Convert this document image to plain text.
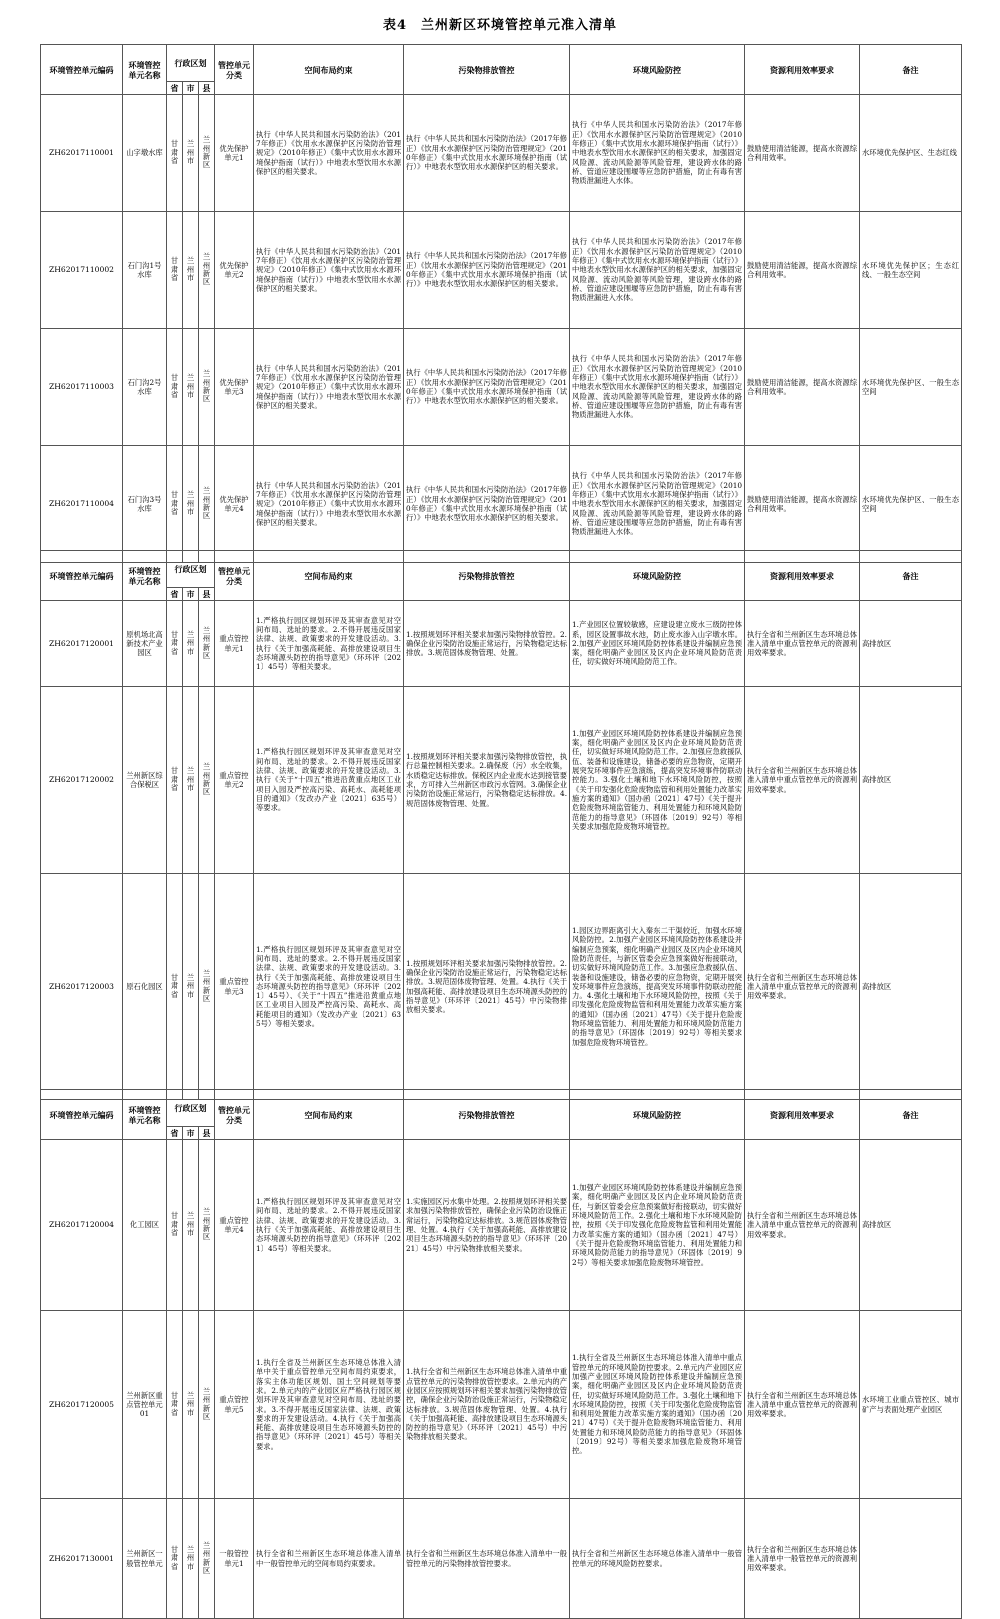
表4　兰州新区环境管控单元准入清单
环境管控单元编码	环境管控单元名称	行政区划			管控单元分类	空间布局约束	污染物排放管控	环境风险防控	资源利用效率要求	备注
		省	市	县						
ZH62017110001	山字墩水库	甘肃省	兰州市	兰州新区	优先保护单元1	执行《中华人民共和国水污染防治法》（2017年修正）《饮用水水源保护区污染防治管理规定》（2010年修正）《集中式饮用水水源环境保护指南（试行）》中地表水型饮用水水源保护区的相关要求。	执行《中华人民共和国水污染防治法》（2017年修正）《饮用水水源保护区污染防治管理规定》（2010年修正）《集中式饮用水水源环境保护指南（试行）》中地表水型饮用水水源保护区的相关要求。	执行《中华人民共和国水污染防治法》（2017年修正）《饮用水水源保护区污染防治管理规定》（2010年修正）《集中式饮用水水源环境保护指南（试行）》中地表水型饮用水水源保护区的相关要求，加强固定风险源、流动风险源等风险管理，建设跨水体的路桥、管道应建设围堰等应急防护措施，防止有毒有害物质泄漏进入水体。	鼓励使用清洁能源，提高水资源综合利用效率。	水环境优先保护区、生态红线
ZH62017110002	石门沟1号水库	甘肃省	兰州市	兰州新区	优先保护单元2	执行《中华人民共和国水污染防治法》（2017年修正）《饮用水水源保护区污染防治管理规定》（2010年修正）《集中式饮用水水源环境保护指南（试行）》中地表水型饮用水水源保护区的相关要求。	执行《中华人民共和国水污染防治法》（2017年修正）《饮用水水源保护区污染防治管理规定》（2010年修正）《集中式饮用水水源环境保护指南（试行）》中地表水型饮用水水源保护区的相关要求。	执行《中华人民共和国水污染防治法》（2017年修正）《饮用水水源保护区污染防治管理规定》（2010年修正）《集中式饮用水水源环境保护指南（试行）》中地表水型饮用水水源保护区的相关要求，加强固定风险源、流动风险源等风险管理，建设跨水体的路桥、管道应建设围堰等应急防护措施，防止有毒有害物质泄漏进入水体。	鼓励使用清洁能源，提高水资源综合利用效率。	水环境优先保护区；生态红线、一般生态空间
ZH62017110003	石门沟2号水库	甘肃省	兰州市	兰州新区	优先保护单元3	执行《中华人民共和国水污染防治法》（2017年修正）《饮用水水源保护区污染防治管理规定》（2010年修正）《集中式饮用水水源环境保护指南（试行）》中地表水型饮用水水源保护区的相关要求。	执行《中华人民共和国水污染防治法》（2017年修正）《饮用水水源保护区污染防治管理规定》（2010年修正）《集中式饮用水水源环境保护指南（试行）》中地表水型饮用水水源保护区的相关要求。	执行《中华人民共和国水污染防治法》（2017年修正）《饮用水水源保护区污染防治管理规定》（2010年修正）《集中式饮用水水源环境保护指南（试行）》中地表水型饮用水水源保护区的相关要求，加强固定风险源、流动风险源等风险管理，建设跨水体的路桥、管道应建设围堰等应急防护措施，防止有毒有害物质泄漏进入水体。	鼓励使用清洁能源，提高水资源综合利用效率。	水环境优先保护区、一般生态空间
ZH62017110004	石门沟3号水库	甘肃省	兰州市	兰州新区	优先保护单元4	执行《中华人民共和国水污染防治法》（2017年修正）《饮用水水源保护区污染防治管理规定》（2010年修正）《集中式饮用水水源环境保护指南（试行）》中地表水型饮用水水源保护区的相关要求。	执行《中华人民共和国水污染防治法》（2017年修正）《饮用水水源保护区污染防治管理规定》（2010年修正）《集中式饮用水水源环境保护指南（试行）》中地表水型饮用水水源保护区的相关要求。	执行《中华人民共和国水污染防治法》（2017年修正）《饮用水水源保护区污染防治管理规定》（2010年修正）《集中式饮用水水源环境保护指南（试行）》中地表水型饮用水水源保护区的相关要求，加强固定风险源、流动风险源等风险管理，建设跨水体的路桥、管道应建设围堰等应急防护措施，防止有毒有害物质泄漏进入水体。	鼓励使用清洁能源，提高水资源综合利用效率。	水环境优先保护区、一般生态空间
环境管控单元编码	环境管控单元名称	行政区划			管控单元分类	空间布局约束	污染物排放管控	环境风险防控	资源利用效率要求	备注
		省	市	县						
ZH62017120001	原机场北高新技术产业园区	甘肃省	兰州市	兰州新区	重点管控单元1	1.严格执行园区规划环评及其审查意见对空间布局、选址的要求。2.不得开展违反国家法律、法规、政策要求的开发建设活动。3.执行《关于加强高耗能、高排放建设项目生态环境源头防控的指导意见》（环环评〔2021〕45号）等相关要求。	1.按照规划环评相关要求加强污染物排放管控。2.确保企业污染防治设施正常运行，污染物稳定达标排放。3.规范固体废物管理、处置。	1.产业园区位置较敏感，应建设建立废水三级防控体系，园区设置事故水池，防止废水渗入山字墩水库。2.加强产业园区环境风险防控体系建设并编制应急预案，细化明确产业园区及区内企业环境风险防范责任，切实做好环境风险防范工作。	执行全省和兰州新区生态环境总体准入清单中重点管控单元的资源利用效率要求。	高排放区
ZH62017120002	兰州新区综合保税区	甘肃省	兰州市	兰州新区	重点管控单元2	1.严格执行园区规划环评及其审查意见对空间布局、选址的要求。2.不得开展违反国家法律、法规、政策要求的开发建设活动。3.执行《关于“十四五”推进沿黄重点地区工业项目入园及严控高污染、高耗水、高耗能项目的通知》（发改办产业〔2021〕635号）等要求。	1.按照规划环评相关要求加强污染物排放管控，执行总量控制相关要求。2.确保废（污）水全收集，水质稳定达标排放。保税区内企业废水达到接管要求，方可排入兰州新区市政污水管网。3.确保企业污染防治设施正常运行，污染物稳定达标排放。4.规范固体废物管理、处置。	1.加强产业园区环境风险防控体系建设并编制应急预案，细化明确产业园区及区内企业环境风险防范责任，切实做好环境风险防范工作。2.加强应急救援队伍、装备和设施建设，储备必要的应急物资，定期开展突发环境事件应急演练，提高突发环境事件防联动控能力。3.强化土壤和地下水环境风险防控，按照《关于印发强化危险废物监管和利用处置能力改革实施方案的通知》（国办函〔2021〕47号）《关于提升危险废物环境监管能力、利用处置能力和环境风险防范能力的指导意见》（环固体〔2019〕92号）等相关要求加强危险废物环境管控。	执行全省和兰州新区生态环境总体准入清单中重点管控单元的资源利用效率要求。	高排放区
ZH62017120003	原石化园区	甘肃省	兰州市	兰州新区	重点管控单元3	1.严格执行园区规划环评及其审查意见对空间布局、选址的要求。2.不得开展违反国家法律、法规、政策要求的开发建设活动。3.执行《关于加强高耗能、高排放建设项目生态环境源头防控的指导意见》（环环评〔2021〕45号）、《关于“十四五”推进沿黄重点地区工业项目入园及严控高污染、高耗水、高耗能项目的通知》（发改办产业〔2021〕635号）等相关要求。	1.按照规划环评相关要求加强污染物排放管控。2.确保企业污染防治设施正常运行，污染物稳定达标排放。3.规范固体废物管理、处置。4.执行《关于加强高耗能、高排放建设项目生态环境源头防控的指导意见》（环环评〔2021〕45号）中污染物排放相关要求。	1.园区边界距离引大入秦东二干渠较近，加强水环境风险防控。2.加强产业园区环境风险防控体系建设并编制应急预案，细化明确产业园区及区内企业环境风险防范责任，与新区管委会应急预案做好衔接联动，切实做好环境风险防范工作。3.加强应急救援队伍、装备和设施建设，储备必要的应急物资，定期开展突发环境事件应急演练，提高突发环境事件防联动控能力。4.强化土壤和地下水环境风险防控，按照《关于印发强化危险废物监管和利用处置能力改革实施方案的通知》（国办函〔2021〕47号）《关于提升危险废物环境监管能力、利用处置能力和环境风险防范能力的指导意见》（环固体〔2019〕92号）等相关要求加强危险废物环境管控。	执行全省和兰州新区生态环境总体准入清单中重点管控单元的资源利用效率要求。	高排放区
环境管控单元编码	环境管控单元名称	行政区划			管控单元分类	空间布局约束	污染物排放管控	环境风险防控	资源利用效率要求	备注
		省	市	县						
ZH62017120004	化工园区	甘肃省	兰州市	兰州新区	重点管控单元4	1.严格执行园区规划环评及其审查意见对空间布局、选址的要求。2.不得开展违反国家法律、法规、政策要求的开发建设活动。3.执行《关于加强高耗能、高排放建设项目生态环境源头防控的指导意见》（环环评〔2021〕45号）等相关要求。	1.实施园区污水集中处理。2.按照规划环评相关要求加强污染物排放管控，确保企业污染防治设施正常运行，污染物稳定达标排放。3.规范固体废物管理、处置。4.执行《关于加强高耗能、高排放建设项目生态环境源头防控的指导意见》（环环评〔2021〕45号）中污染物排放相关要求。	1.加强产业园区环境风险防控体系建设并编制应急预案，细化明确产业园区及区内企业环境风险防范责任，与新区管委会应急预案做好衔接联动，切实做好环境风险防范工作。2.强化土壤和地下水环境风险防控，按照《关于印发强化危险废物监管和利用处置能力改革实施方案的通知》（国办函〔2021〕47号）《关于提升危险废物环境监管能力、利用处置能力和环境风险防范能力的指导意见》（环固体〔2019〕92号）等相关要求加强危险废物环境管控。	执行全省和兰州新区生态环境总体准入清单中重点管控单元的资源利用效率要求。	高排放区
ZH62017120005	兰州新区重点管控单元01	甘肃省	兰州市	兰州新区	重点管控单元5	1.执行全省及兰州新区生态环境总体准入清单中关于重点管控单元空间布局约束要求，落实主体功能区规划、国土空间规划等要求。2.单元内的产业园区应严格执行园区规划环评及其审查意见对空间布局、选址的要求。3.不得开展违反国家法律、法规、政策要求的开发建设活动。4.执行《关于加强高耗能、高排放建设项目生态环境源头防控的指导意见》（环环评〔2021〕45号）等相关要求。	1.执行全省和兰州新区生态环境总体准入清单中重点管控单元的污染物排放管控要求。2.单元内的产业园区应按照规划环评相关要求加强污染物排放管控，确保企业污染防治设施正常运行，污染物稳定达标排放。3.规范固体废物管理、处置。4.执行《关于加强高耗能、高排放建设项目生态环境源头防控的指导意见》（环环评〔2021〕45号）中污染物排放相关要求。	1.执行全省及兰州新区生态环境总体准入清单中重点管控单元的环境风险防控要求。2.单元内产业园区应加强产业园区环境风险防控体系建设并编制应急预案，细化明确产业园区及区内企业环境风险防范责任，切实做好环境风险防范工作。3.强化土壤和地下水环境风险防控，按照《关于印发强化危险废物监管和利用处置能力改革实施方案的通知》（国办函〔2021〕47号）《关于提升危险废物环境监管能力、利用处置能力和环境风险防范能力的指导意见》（环固体〔2019〕92号）等相关要求加强危险废物环境管控。	执行全省和兰州新区生态环境总体准入清单中重点管控单元的资源利用效率要求。	水环境工业重点管控区、城市矿产与表面处理产业园区
ZH62017130001	兰州新区一般管控单元	甘肃省	兰州市	兰州新区	一般管控单元1	执行全省和兰州新区生态环境总体准入清单中一般管控单元的空间布局约束要求。	执行全省和兰州新区生态环境总体准入清单中一般管控单元的污染物排放管控要求。	执行全省和兰州新区生态环境总体准入清单中一般管控单元的环境风险防控要求。	执行全省和兰州新区生态环境总体准入清单中一般管控单元的资源利用效率要求。	
